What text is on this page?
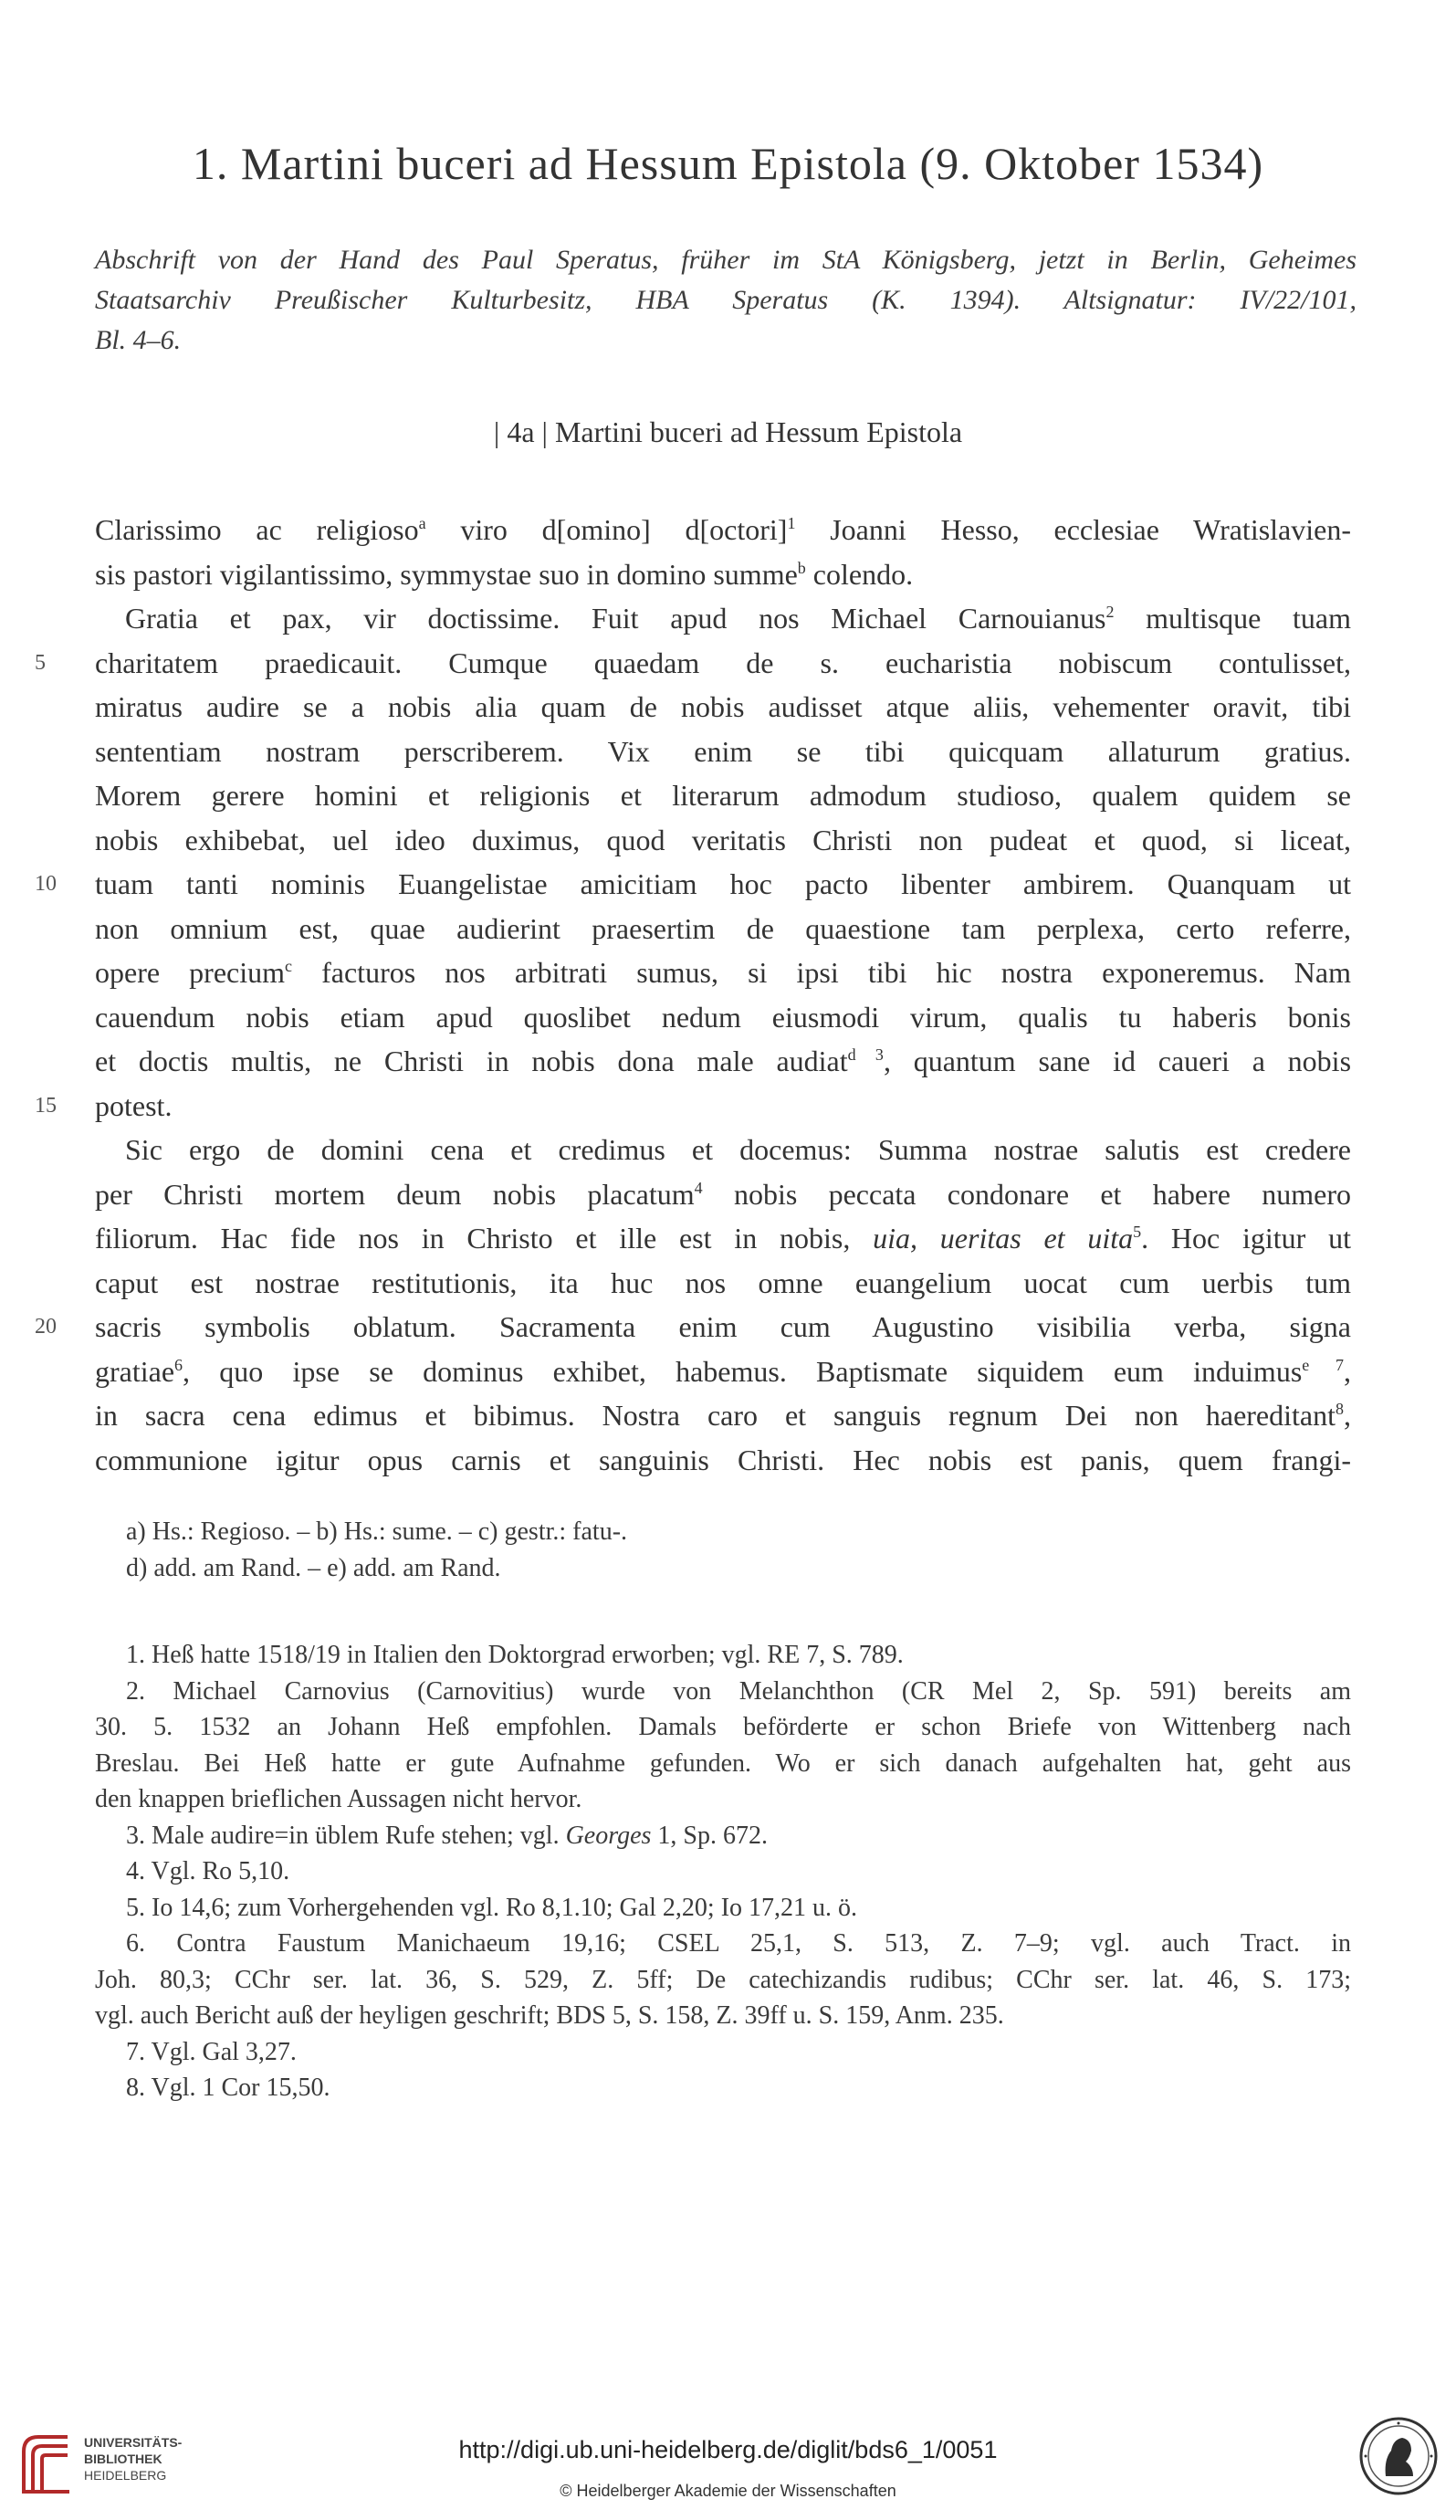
1. Martini buceri ad Hessum Epistola (9. Oktober 1534)
Abschrift von der Hand des Paul Speratus, früher im StA Königsberg, jetzt in Berlin, Geheimes
Staatsarchiv Preußischer Kulturbesitz, HBA Speratus (K. 1394). Altsignatur: IV/22/101,
Bl. 4–6.
| 4a | Martini buceri ad Hessum Epistola
Clarissimo ac religioso$^a$ viro d[omino] d[octori]$^1$ Joanni Hesso, ecclesiae Wratislavien-
sis pastori vigilantissimo, symmystae suo in domino summe$^b$ colendo.
Gratia et pax, vir doctissime. Fuit apud nos Michael Carnouianus$^2$ multisque tuam
5	charitatem praedicauit. Cumque quaedam de s. eucharistia nobiscum contulisset,
miratus audire se a nobis alia quam de nobis audisset atque aliis, vehementer oravit, tibi
sententiam nostram perscriberem. Vix enim se tibi quicquam allaturum gratius.
Morem gerere homini et religionis et literarum admodum studioso, qualem quidem se
nobis exhibebat, uel ideo duximus, quod veritatis Christi non pudeat et quod, si liceat,
10	tuam tanti nominis Euangelistae amicitiam hoc pacto libenter ambirem. Quanquam ut
non omnium est, quae audierint praesertim de quaestione tam perplexa, certo referre,
opere precium$^c$ facturos nos arbitrati sumus, si ipsi tibi hic nostra exponeremus. Nam
cauendum nobis etiam apud quoslibet nedum eiusmodi virum, qualis tu haberis bonis
et doctis multis, ne Christi in nobis dona male audiat$^{d 3}$, quantum sane id caueri a nobis
15	potest.
Sic ergo de domini cena et credimus et docemus: Summa nostrae salutis est credere
per Christi mortem deum nobis placatum$^4$ nobis peccata condonare et habere numero
filiorum. Hac fide nos in Christo et ille est in nobis, uia, ueritas et uita$^5$. Hoc igitur ut
caput est nostrae restitutionis, ita huc nos omne euangelium uocat cum uerbis tum
20	sacris symbolis oblatum. Sacramenta enim cum Augustino visibilia verba, signa
gratiae$^6$, quo ipse se dominus exhibet, habemus. Baptismate siquidem eum induimus$^{e 7}$,
in sacra cena edimus et bibimus. Nostra caro et sanguis regnum Dei non haereditant$^8$,
communione igitur opus carnis et sanguinis Christi. Hec nobis est panis, quem frangi-
a) Hs.: Regioso. – b) Hs.: sume. – c) gestr.: fatu-.
d) add. am Rand. – e) add. am Rand.
1. Heß hatte 1518/19 in Italien den Doktorgrad erworben; vgl. RE 7, S. 789.
2. Michael Carnovius (Carnovitius) wurde von Melanchthon (CR Mel 2, Sp. 591) bereits am
30. 5. 1532 an Johann Heß empfohlen. Damals beförderte er schon Briefe von Wittenberg nach
Breslau. Bei Heß hatte er gute Aufnahme gefunden. Wo er sich danach aufgehalten hat, geht aus
den knappen brieflichen Aussagen nicht hervor.
3. Male audire=in üblem Rufe stehen; vgl. Georges 1, Sp. 672.
4. Vgl. Ro 5,10.
5. Io 14,6; zum Vorhergehenden vgl. Ro 8,1.10; Gal 2,20; Io 17,21 u. ö.
6. Contra Faustum Manichaeum 19,16; CSEL 25,1, S. 513, Z. 7–9; vgl. auch Tract. in
Joh. 80,3; CChr ser. lat. 36, S. 529, Z. 5ff; De catechizandis rudibus; CChr ser. lat. 46, S. 173;
vgl. auch Bericht auß der heyligen geschrift; BDS 5, S. 158, Z. 39ff u. S. 159, Anm. 235.
7. Vgl. Gal 3,27.
8. Vgl. 1 Cor 15,50.
UNIVERSITÄTS-
BIBLIOTHEK
HEIDELBERG
http://digi.ub.uni-heidelberg.de/diglit/bds6_1/0051
© Heidelberger Akademie der Wissenschaften
